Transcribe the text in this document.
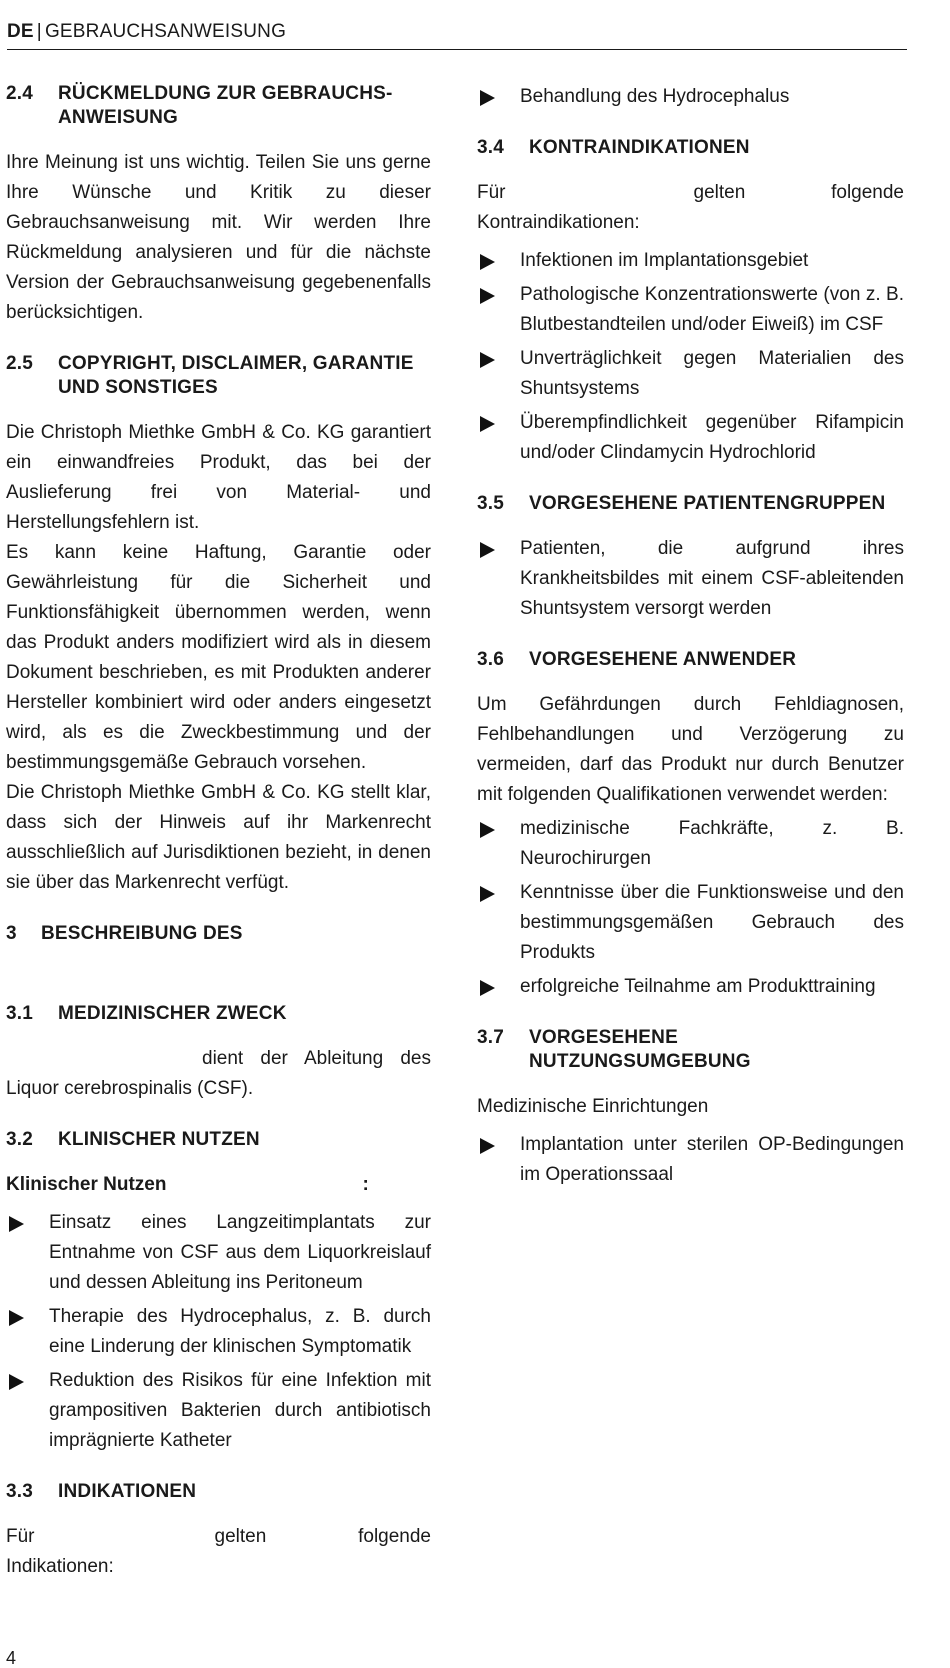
DE | GEBRAUCHSANWEISUNG
2.4	RÜCKMELDUNG ZUR GEBRAUCHS-ANWEISUNG

Ihre Meinung ist uns wichtig. Teilen Sie uns gerne Ihre Wünsche und Kritik zu dieser Gebrauchsanweisung mit. Wir werden Ihre Rückmeldung analysieren und für die nächste Version der Gebrauchsanweisung gegebenenfalls berücksichtigen.

2.5	COPYRIGHT, DISCLAIMER, GARANTIE UND SONSTIGES

Die Christoph Miethke GmbH & Co. KG garantiert ein einwandfreies Produkt, das bei der Auslieferung frei von Material- und Herstellungsfehlern ist.

Es kann keine Haftung, Garantie oder Gewährleistung für die Sicherheit und Funktionsfähigkeit übernommen werden, wenn das Produkt anders modifiziert wird als in diesem Dokument beschrieben, es mit Produkten anderer Hersteller kombiniert wird oder anders eingesetzt wird, als es die Zweckbestimmung und der bestimmungsgemäße Gebrauch vorsehen.

Die Christoph Miethke GmbH & Co. KG stellt klar, dass sich der Hinweis auf ihr Markenrecht ausschließlich auf Jurisdiktionen bezieht, in denen sie über das Markenrecht verfügt.

3	BESCHREIBUNG DES
3.1	MEDIZINISCHER ZWECK

dient der Ableitung des Liquor cerebrospinalis (CSF).

3.2	KLINISCHER NUTZEN
Klinischer Nutzen	:
Einsatz eines Langzeitimplantats zur Entnahme von CSF aus dem Liquorkreislauf und dessen Ableitung ins Peritoneum
Therapie des Hydrocephalus, z. B. durch eine Linderung der klinischen Symptomatik
Reduktion des Risikos für eine Infektion mit grampositiven Bakterien durch antibiotisch imprägnierte Katheter
3.3	INDIKATIONEN

Für	gelten folgende Indikationen:

Behandlung des Hydrocephalus
3.4	KONTRAINDIKATIONEN

Für	gelten folgende Kontraindikationen:

Infektionen im Implantationsgebiet
Pathologische Konzentrationswerte (von z. B. Blutbestandteilen und/oder Eiweiß) im CSF
Unverträglichkeit gegen Materialien des Shuntsystems
Überempfindlichkeit gegenüber Rifampicin und/oder Clindamycin Hydrochlorid
3.5	VORGESEHENE PATIENTENGRUPPEN
Patienten, die aufgrund ihres Krankheitsbildes mit einem CSF-ableitenden Shuntsystem versorgt werden
3.6	VORGESEHENE ANWENDER

Um Gefährdungen durch Fehldiagnosen, Fehlbehandlungen und Verzögerung zu vermeiden, darf das Produkt nur durch Benutzer mit folgenden Qualifikationen verwendet werden:

medizinische Fachkräfte, z. B. Neurochirurgen
Kenntnisse über die Funktionsweise und den bestimmungsgemäßen Gebrauch des Produkts
erfolgreiche Teilnahme am Produkttraining
3.7	VORGESEHENE NUTZUNGSUMGEBUNG

Medizinische Einrichtungen

Implantation unter sterilen OP-Bedingungen im Operationssaal
4
